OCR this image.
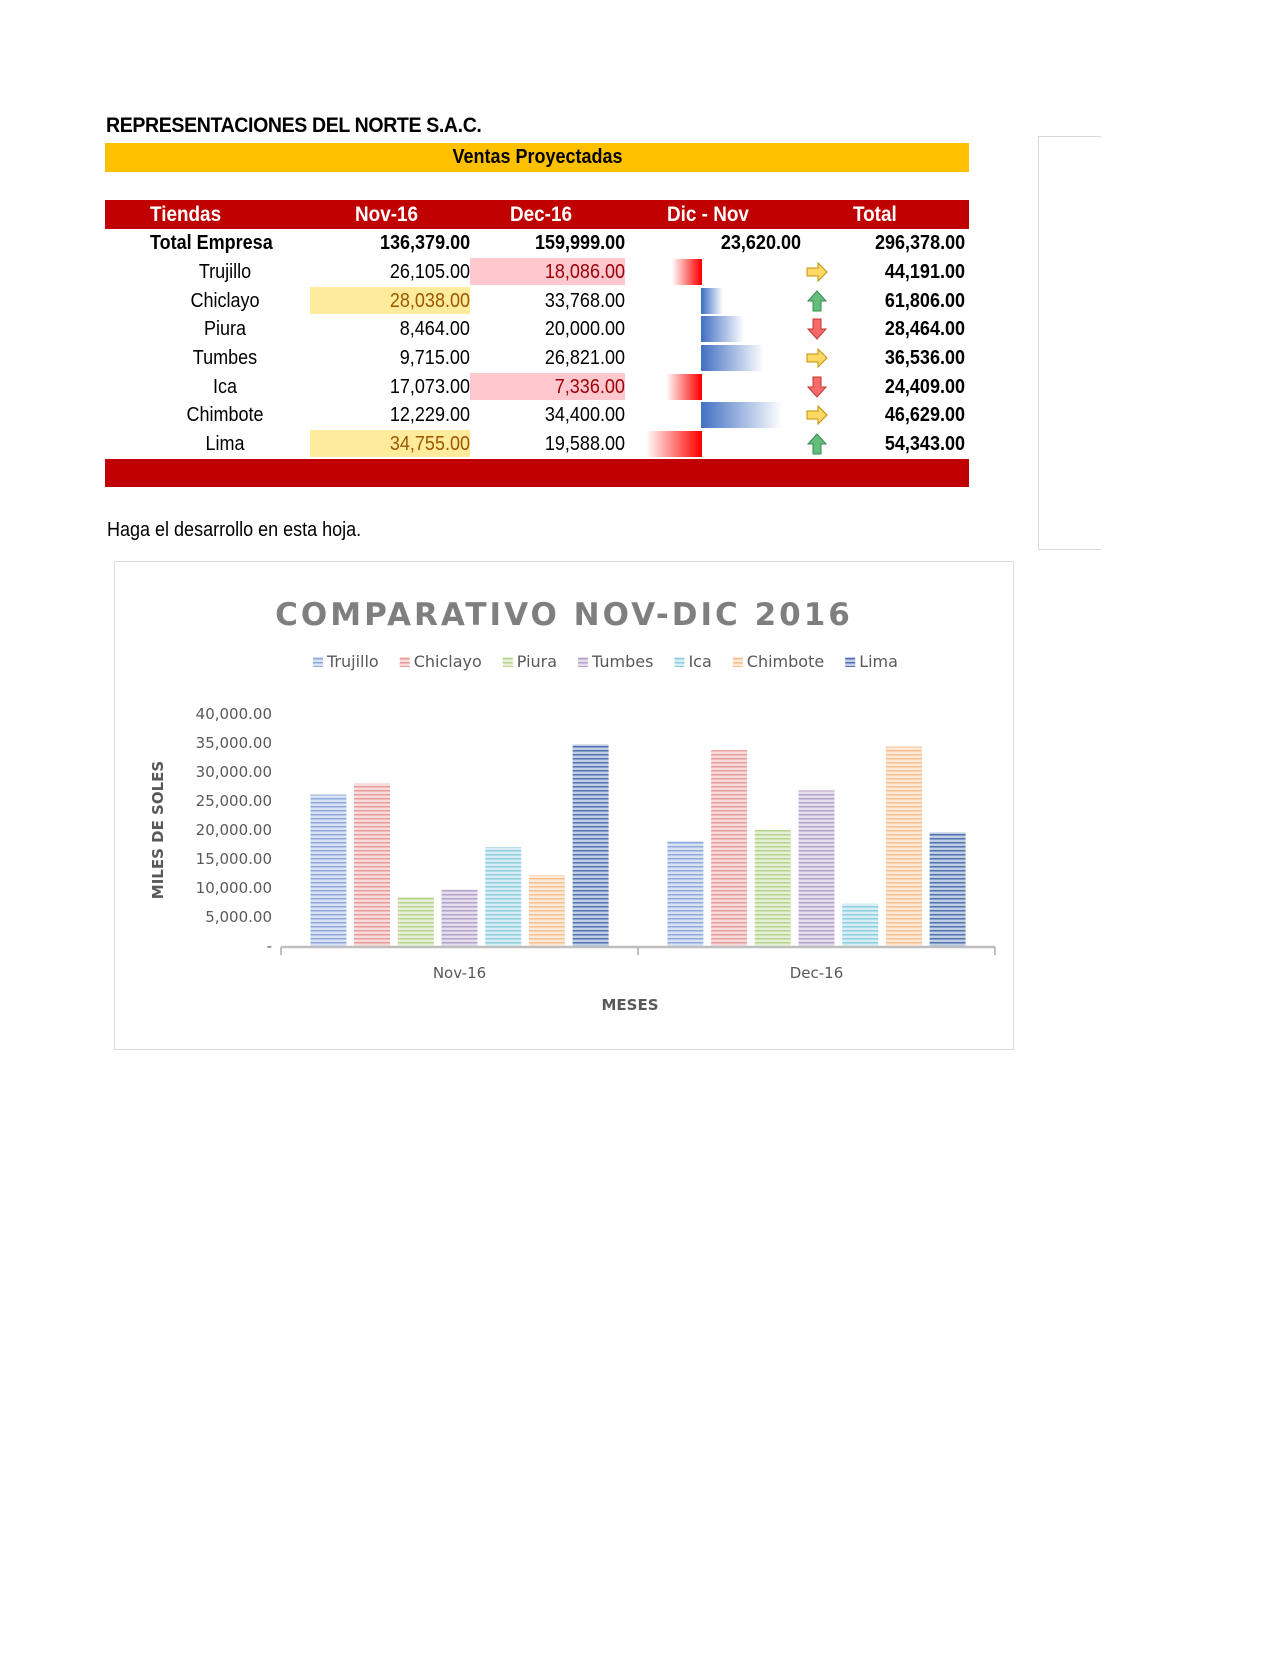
REPRESENTACIONES DEL NORTE S.A.C.
Ventas Proyectadas
Tiendas	Nov-16	Dec-16	Dic - Nov	Total
Total Empresa	136,379.00	159,999.00	23,620.00	296,378.00
Trujillo	26,105.00	18,086.00	44,191.00
Chiclayo	28,038.00	33,768.00	61,806.00
Piura	8,464.00	20,000.00	28,464.00
Tumbes	9,715.00	26,821.00	36,536.00
Ica	17,073.00	7,336.00	24,409.00
Chimbote	12,229.00	34,400.00	46,629.00
Lima	34,755.00	19,588.00	54,343.00
Haga el desarrollo en esta hoja.
COMPARATIVO NOV-DIC 2016
Trujillo Chiclayo Piura Tumbes Ica Chimbote Lima
-
5,000.00
10,000.00
15,000.00
20,000.00
25,000.00
30,000.00
35,000.00
40,000.00
MILES DE SOLES
Nov-16	Dec-16
MESES
